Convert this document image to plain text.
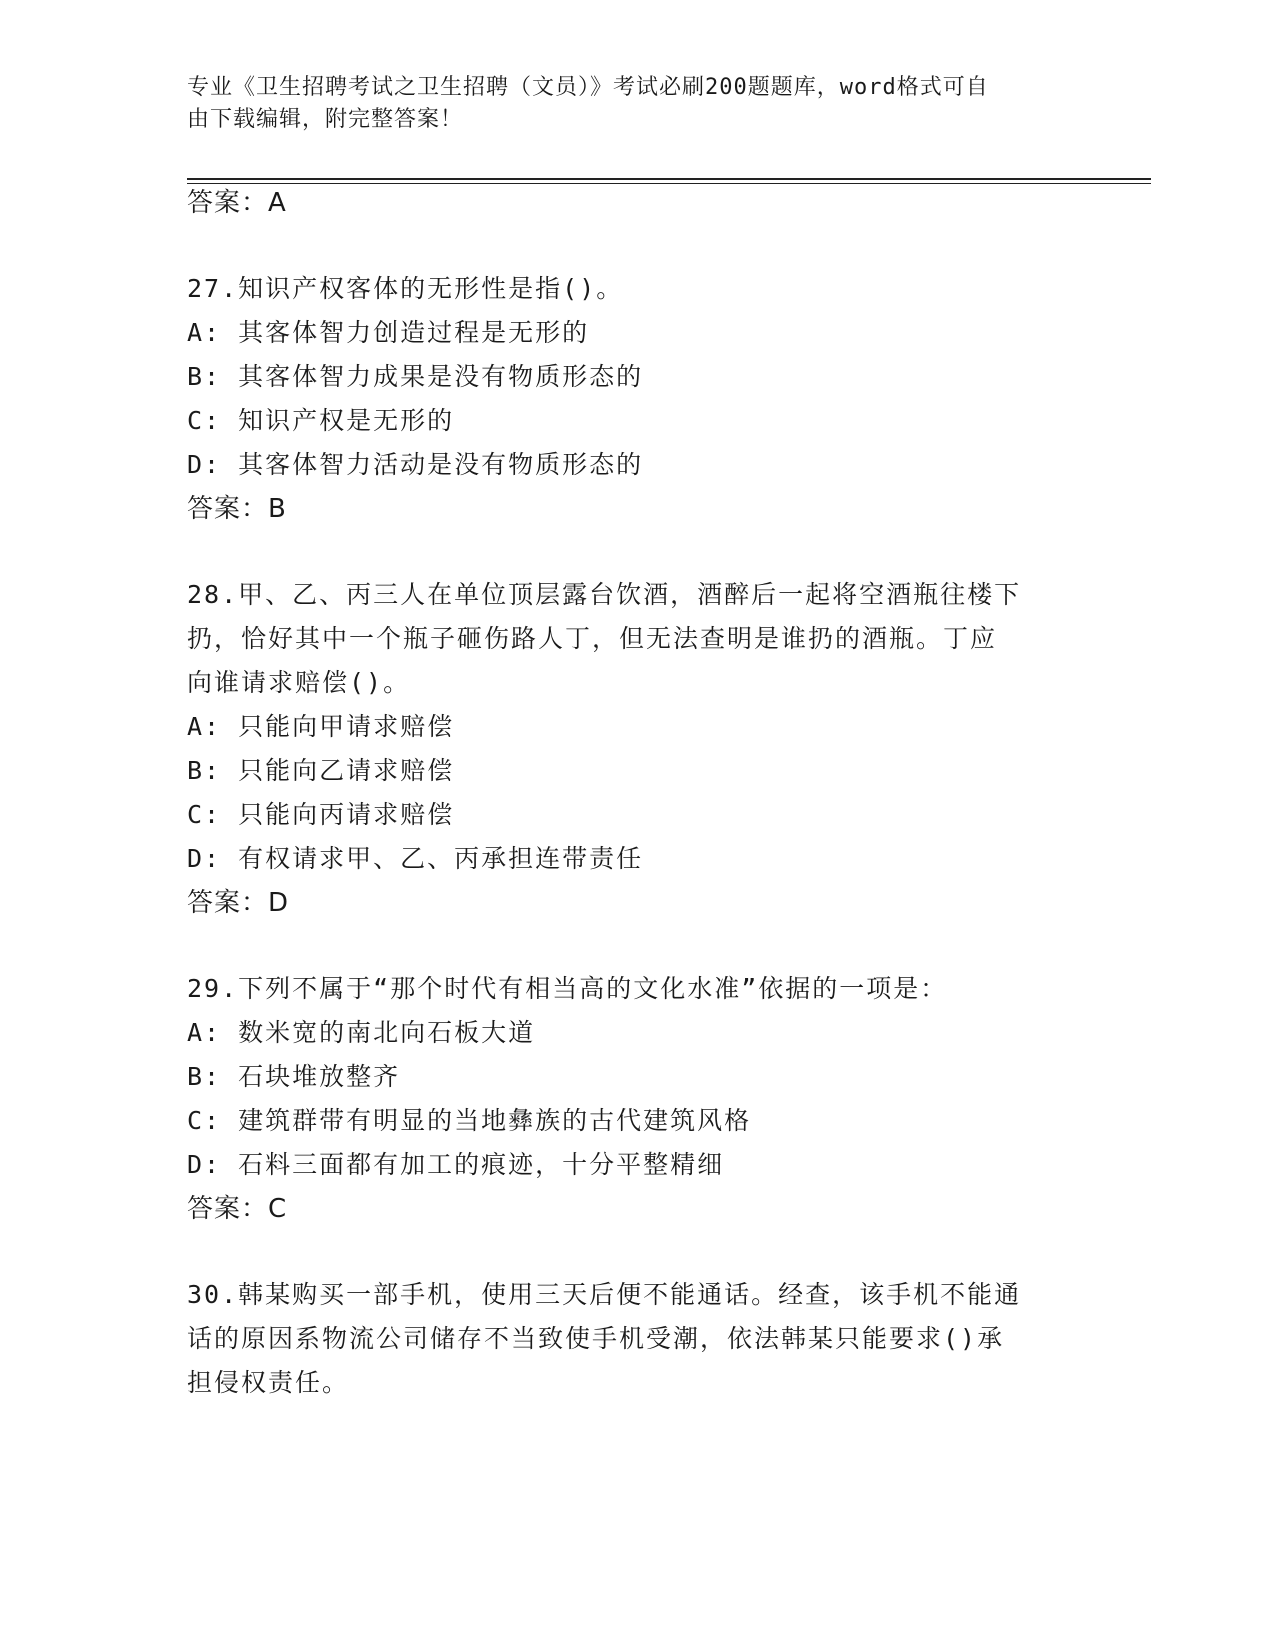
专业《卫生招聘考试之卫生招聘（文员）》考试必刷200题题库，word格式可自
由下载编辑，附完整答案！
答案：A
27.知识产权客体的无形性是指()。
A: 其客体智力创造过程是无形的
B: 其客体智力成果是没有物质形态的
C: 知识产权是无形的
D: 其客体智力活动是没有物质形态的
答案：B
28.甲、乙、丙三人在单位顶层露台饮酒，酒醉后一起将空酒瓶往楼下
扔，恰好其中一个瓶子砸伤路人丁，但无法查明是谁扔的酒瓶。丁应
向谁请求赔偿()。
A: 只能向甲请求赔偿
B: 只能向乙请求赔偿
C: 只能向丙请求赔偿
D: 有权请求甲、乙、丙承担连带责任
答案：D
29.下列不属于“那个时代有相当高的文化水准”依据的一项是：
A: 数米宽的南北向石板大道
B: 石块堆放整齐
C: 建筑群带有明显的当地彝族的古代建筑风格
D: 石料三面都有加工的痕迹，十分平整精细
答案：C
30.韩某购买一部手机，使用三天后便不能通话。经查，该手机不能通
话的原因系物流公司储存不当致使手机受潮，依法韩某只能要求()承
担侵权责任。
